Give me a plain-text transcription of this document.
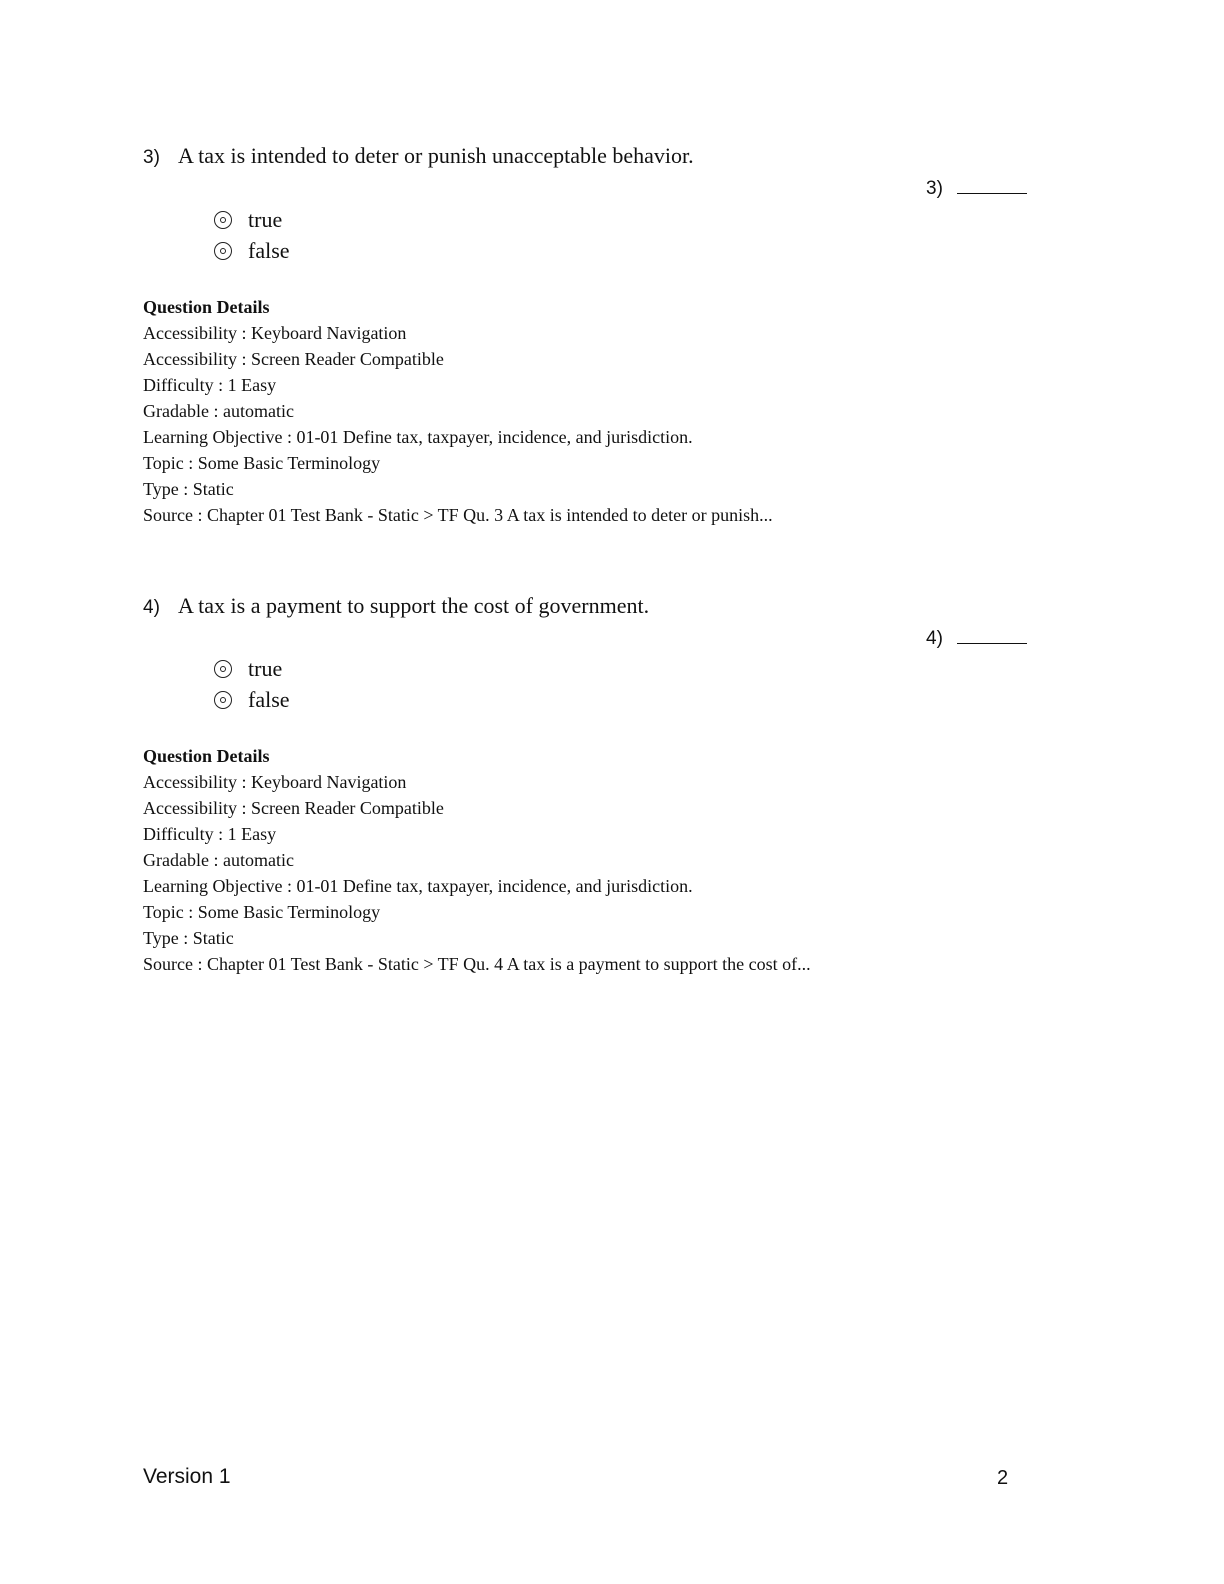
3) A tax is intended to deter or punish unacceptable behavior.
3)
true
false
Question Details
Accessibility : Keyboard Navigation
Accessibility : Screen Reader Compatible
Difficulty : 1 Easy
Gradable : automatic
Learning Objective : 01-01 Define tax, taxpayer, incidence, and jurisdiction.
Topic : Some Basic Terminology
Type : Static
Source : Chapter 01 Test Bank - Static > TF Qu. 3 A tax is intended to deter or punish...
4) A tax is a payment to support the cost of government.
4)
true
false
Question Details
Accessibility : Keyboard Navigation
Accessibility : Screen Reader Compatible
Difficulty : 1 Easy
Gradable : automatic
Learning Objective : 01-01 Define tax, taxpayer, incidence, and jurisdiction.
Topic : Some Basic Terminology
Type : Static
Source : Chapter 01 Test Bank - Static > TF Qu. 4 A tax is a payment to support the cost of...
Version 1	2
